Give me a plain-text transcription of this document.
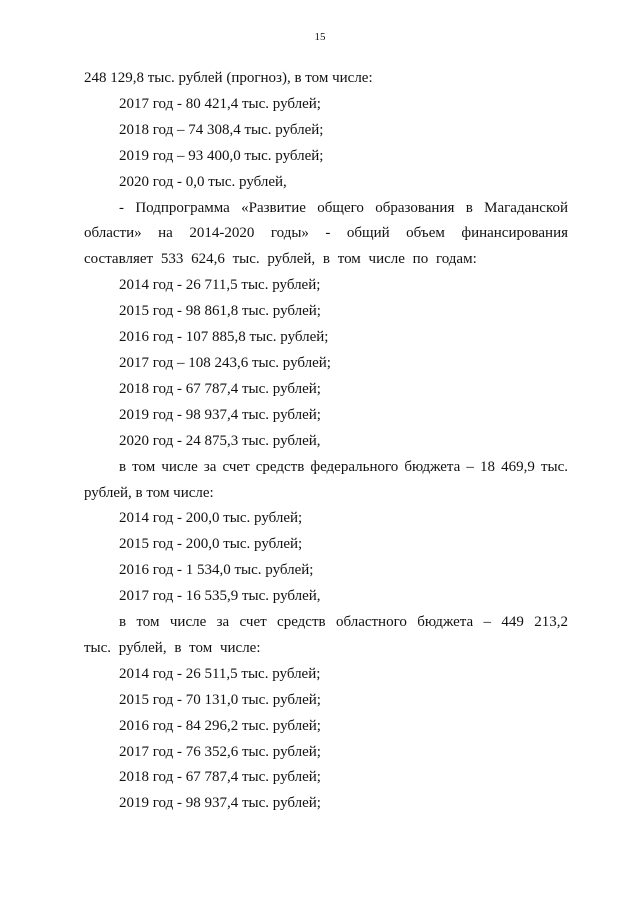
15

248 129,8 тыс. рублей (прогноз), в том числе:

2017 год - 80 421,4 тыс. рублей;

2018 год – 74 308,4 тыс. рублей;

2019 год – 93 400,0 тыс. рублей;

2020 год - 0,0 тыс. рублей,

- Подпрограмма «Развитие общего образования в Магаданской области» на 2014-2020 годы» - общий объем финансирования составляет 533 624,6 тыс. рублей, в том числе по годам:

2014 год - 26 711,5 тыс. рублей;

2015 год - 98 861,8 тыс. рублей;

2016 год - 107 885,8 тыс. рублей;

2017 год – 108 243,6 тыс. рублей;

2018 год - 67 787,4 тыс. рублей;

2019 год - 98 937,4 тыс. рублей;

2020 год - 24 875,3 тыс. рублей,

в том числе за счет средств федерального бюджета – 18 469,9 тыс. рублей, в том числе:

2014 год - 200,0 тыс. рублей;

2015 год - 200,0 тыс. рублей;

2016 год - 1 534,0 тыс. рублей;

2017 год - 16 535,9 тыс. рублей,

в том числе за счет средств областного бюджета – 449 213,2 тыс. рублей, в том числе:

2014 год - 26 511,5 тыс. рублей;

2015 год - 70 131,0 тыс. рублей;

2016 год - 84 296,2 тыс. рублей;

2017 год - 76 352,6 тыс. рублей;

2018 год - 67 787,4 тыс. рублей;

2019 год - 98 937,4 тыс. рублей;
